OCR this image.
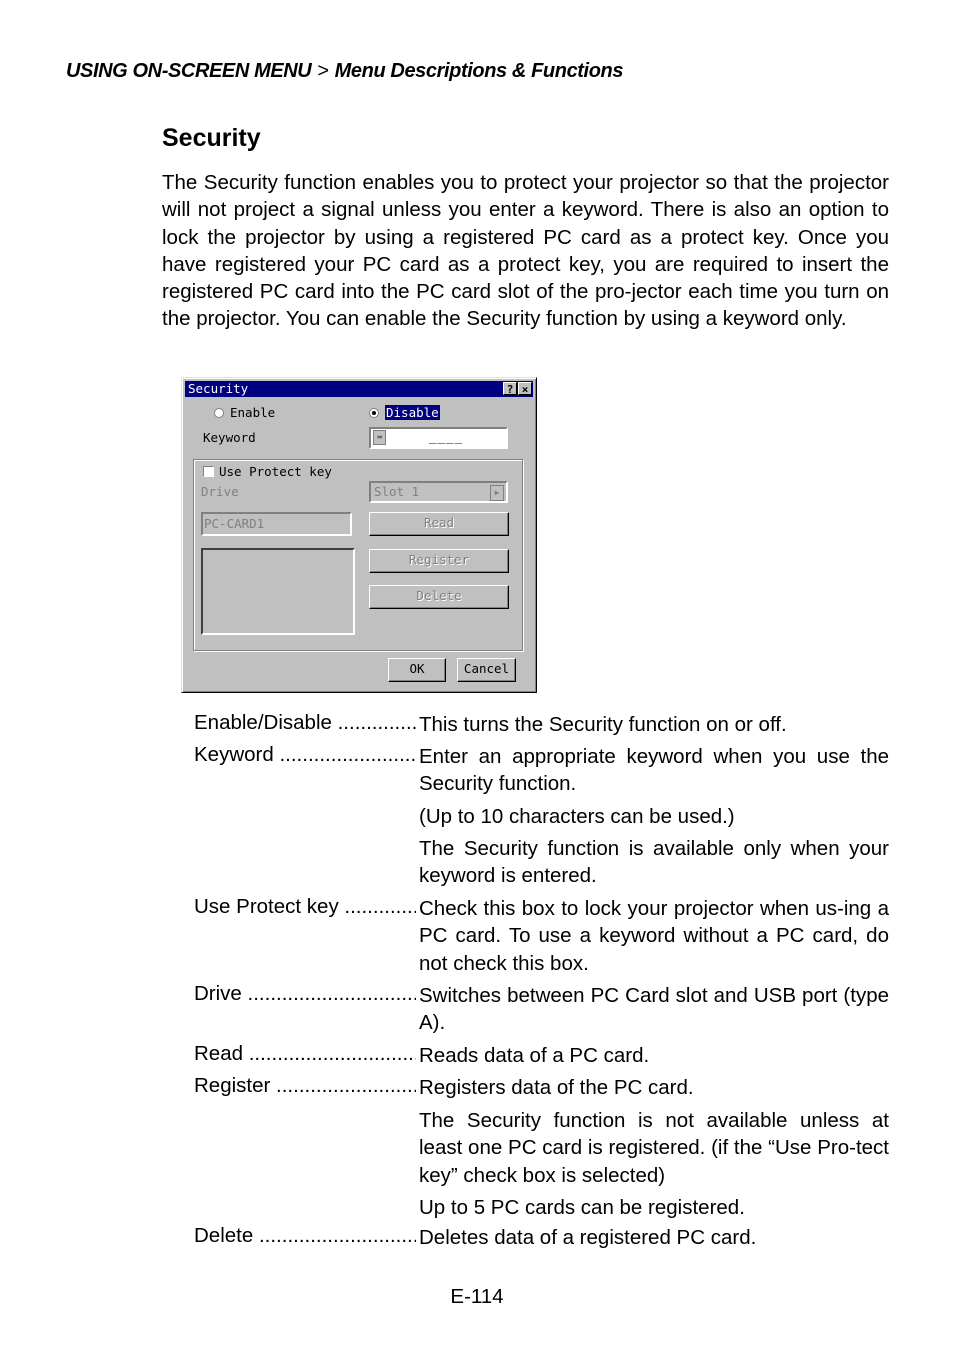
USING ON-SCREEN MENU > Menu Descriptions & Functions
Security
The Security function enables you to protect your projector so that the projector will not project a signal unless you enter a keyword. There is also an option to lock the projector by using a registered PC card as a protect key. Once you have registered your PC card as a protect key, you are required to insert the registered PC card into the PC card slot of the pro-jector each time you turn on the projector. You can enable the Security function by using a keyword only.
Security	? ×
Enable	Disable
Keyword	⌨	____
Use Protect key
Drive	Slot 1	▶
PC-CARD1	Read
Register
Delete
OK	Cancel
Enable/Disable .....	This turns the Security function on or off.
Keyword .....	Enter an appropriate keyword when you use the Security function.
(Up to 10 characters can be used.)
The Security function is available only when your keyword is entered.
Use Protect key .....	Check this box to lock your projector when us-ing a PC card. To use a keyword without a PC card, do not check this box.
Drive .....	Switches between PC Card slot and USB port (type A).
Read .....	Reads data of a PC card.
Register .....	Registers data of the PC card.
The Security function is not available unless at least one PC card is registered. (if the “Use Pro-tect key” check box is selected)
Up to 5 PC cards can be registered.
Delete .....	Deletes data of a registered PC card.
E-114
